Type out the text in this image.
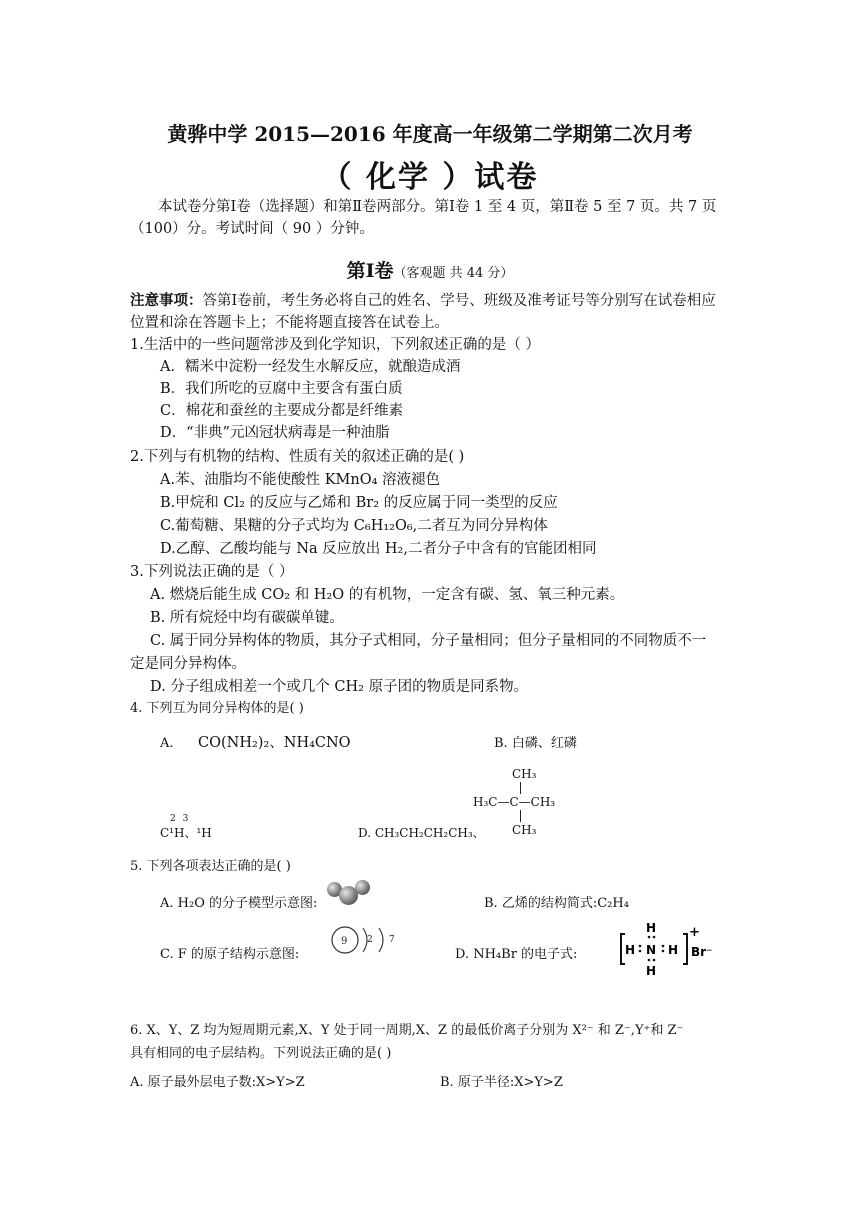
黄骅中学 2015—2016 年度高一年级第二学期第二次月考
（ 化学 ）试卷
本试卷分第Ⅰ卷（选择题）和第Ⅱ卷两部分。第Ⅰ卷 1 至 4 页，第Ⅱ卷 5 至 7 页。共 7 页（100）分。考试时间（ 90 ）分钟。
第Ⅰ卷（客观题 共 44 分）
注意事项：答第Ⅰ卷前，考生务必将自己的姓名、学号、班级及准考证号等分别写在试卷相应位置和涂在答题卡上；不能将题直接答在试卷上。
1.生活中的一些问题常涉及到化学知识，下列叙述正确的是（ ）
A．糯米中淀粉一经发生水解反应，就酿造成酒
B．我们所吃的豆腐中主要含有蛋白质
C．棉花和蚕丝的主要成分都是纤维素
D．“非典”元凶冠状病毒是一种油脂
2.下列与有机物的结构、性质有关的叙述正确的是( )
A.苯、油脂均不能使酸性 KMnO₄ 溶液褪色
B.甲烷和 Cl₂ 的反应与乙烯和 Br₂ 的反应属于同一类型的反应
C.葡萄糖、果糖的分子式均为 C₆H₁₂O₆,二者互为同分异构体
D.乙醇、乙酸均能与 Na 反应放出 H₂,二者分子中含有的官能团相同
3.下列说法正确的是（ ）
A. 燃烧后能生成 CO₂ 和 H₂O 的有机物，一定含有碳、氢、氧三种元素。
B. 所有烷烃中均有碳碳单键。
C. 属于同分异构体的物质，其分子式相同，分子量相同；但分子量相同的不同物质不一
定是同分异构体。
D. 分子组成相差一个或几个 CH₂ 原子团的物质是同系物。
4. 下列互为同分异构体的是( )
A. CO(NH₂)₂、NH₄CNO	B. 白磷、红磷
CH₃
H₃C—C—CH₃
CH₃
2 3
C¹H、¹H	D. CH₃CH₂CH₂CH₃、
5. 下列各项表达正确的是( )
A. H₂O 的分子模型示意图:	B. 乙烯的结构简式:C₂H₄
C. F 的原子结构示意图:
9 2 7
D. NH₄Br 的电子式:
H
H N H
H
+
Br⁻
6. X、Y、Z 均为短周期元素,X、Y 处于同一周期,X、Z 的最低价离子分别为 X²⁻ 和 Z⁻,Y⁺和 Z⁻
具有相同的电子层结构。下列说法正确的是( )
A. 原子最外层电子数:X>Y>Z	B. 原子半径:X>Y>Z
